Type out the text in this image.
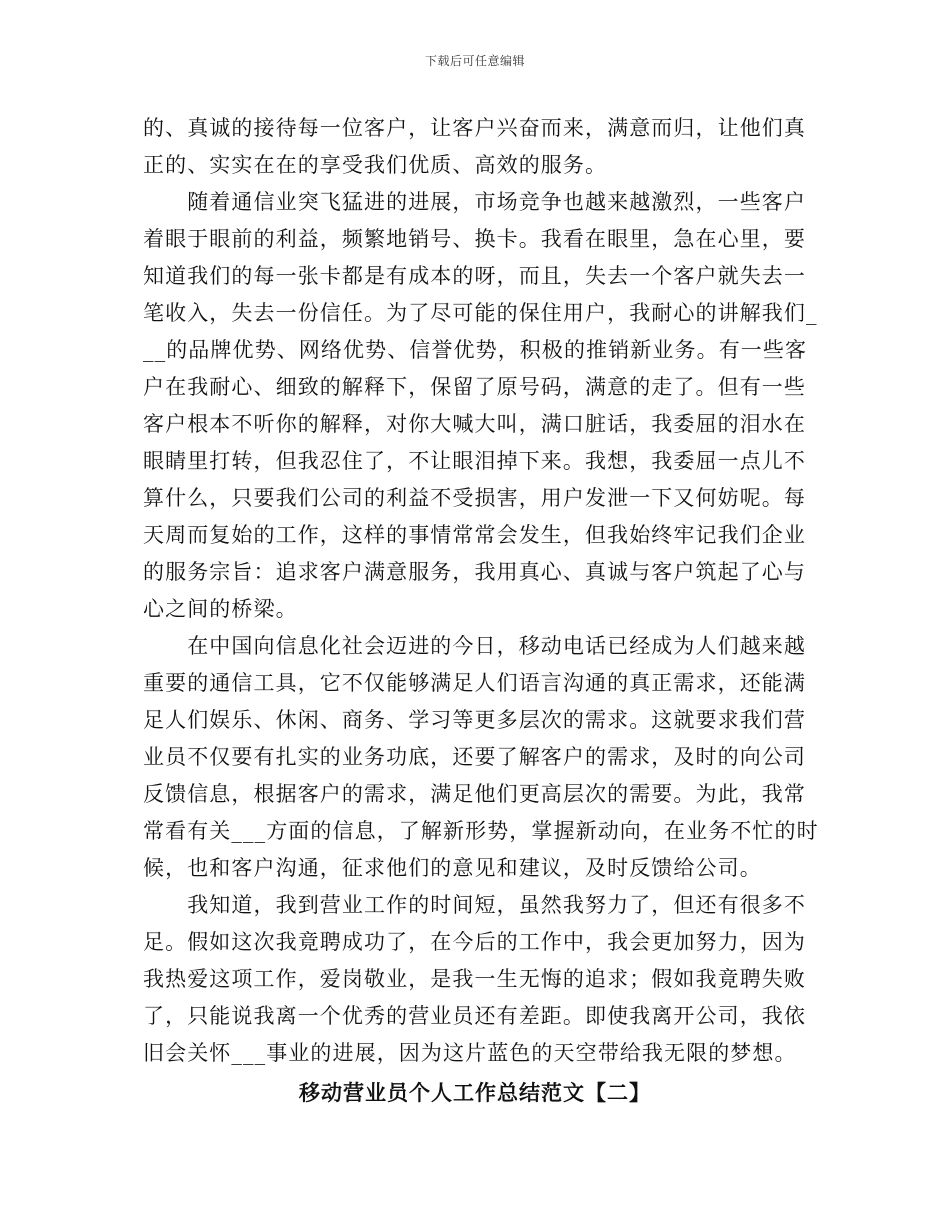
下载后可任意编辑
的、真诚的接待每一位客户，让客户兴奋而来，满意而归，让他们真
正的、实实在在的享受我们优质、高效的服务。
　　随着通信业突飞猛进的进展，市场竞争也越来越激烈，一些客户
着眼于眼前的利益，频繁地销号、换卡。我看在眼里，急在心里，要
知道我们的每一张卡都是有成本的呀，而且，失去一个客户就失去一
笔收入，失去一份信任。为了尽可能的保住用户，我耐心的讲解我们_
__的品牌优势、网络优势、信誉优势，积极的推销新业务。有一些客
户在我耐心、细致的解释下，保留了原号码，满意的走了。但有一些
客户根本不听你的解释，对你大喊大叫，满口脏话，我委屈的泪水在
眼睛里打转，但我忍住了，不让眼泪掉下来。我想，我委屈一点儿不
算什么，只要我们公司的利益不受损害，用户发泄一下又何妨呢。每
天周而复始的工作，这样的事情常常会发生，但我始终牢记我们企业
的服务宗旨：追求客户满意服务，我用真心、真诚与客户筑起了心与
心之间的桥梁。
　　在中国向信息化社会迈进的今日，移动电话已经成为人们越来越
重要的通信工具，它不仅能够满足人们语言沟通的真正需求，还能满
足人们娱乐、休闲、商务、学习等更多层次的需求。这就要求我们营
业员不仅要有扎实的业务功底，还要了解客户的需求，及时的向公司
反馈信息，根据客户的需求，满足他们更高层次的需要。为此，我常
常看有关___方面的信息，了解新形势，掌握新动向，在业务不忙的时
候，也和客户沟通，征求他们的意见和建议，及时反馈给公司。
　　我知道，我到营业工作的时间短，虽然我努力了，但还有很多不
足。假如这次我竟聘成功了，在今后的工作中，我会更加努力，因为
我热爱这项工作，爱岗敬业，是我一生无悔的追求；假如我竟聘失败
了，只能说我离一个优秀的营业员还有差距。即使我离开公司，我依
旧会关怀___事业的进展，因为这片蓝色的天空带给我无限的梦想。
移动营业员个人工作总结范文【二】
